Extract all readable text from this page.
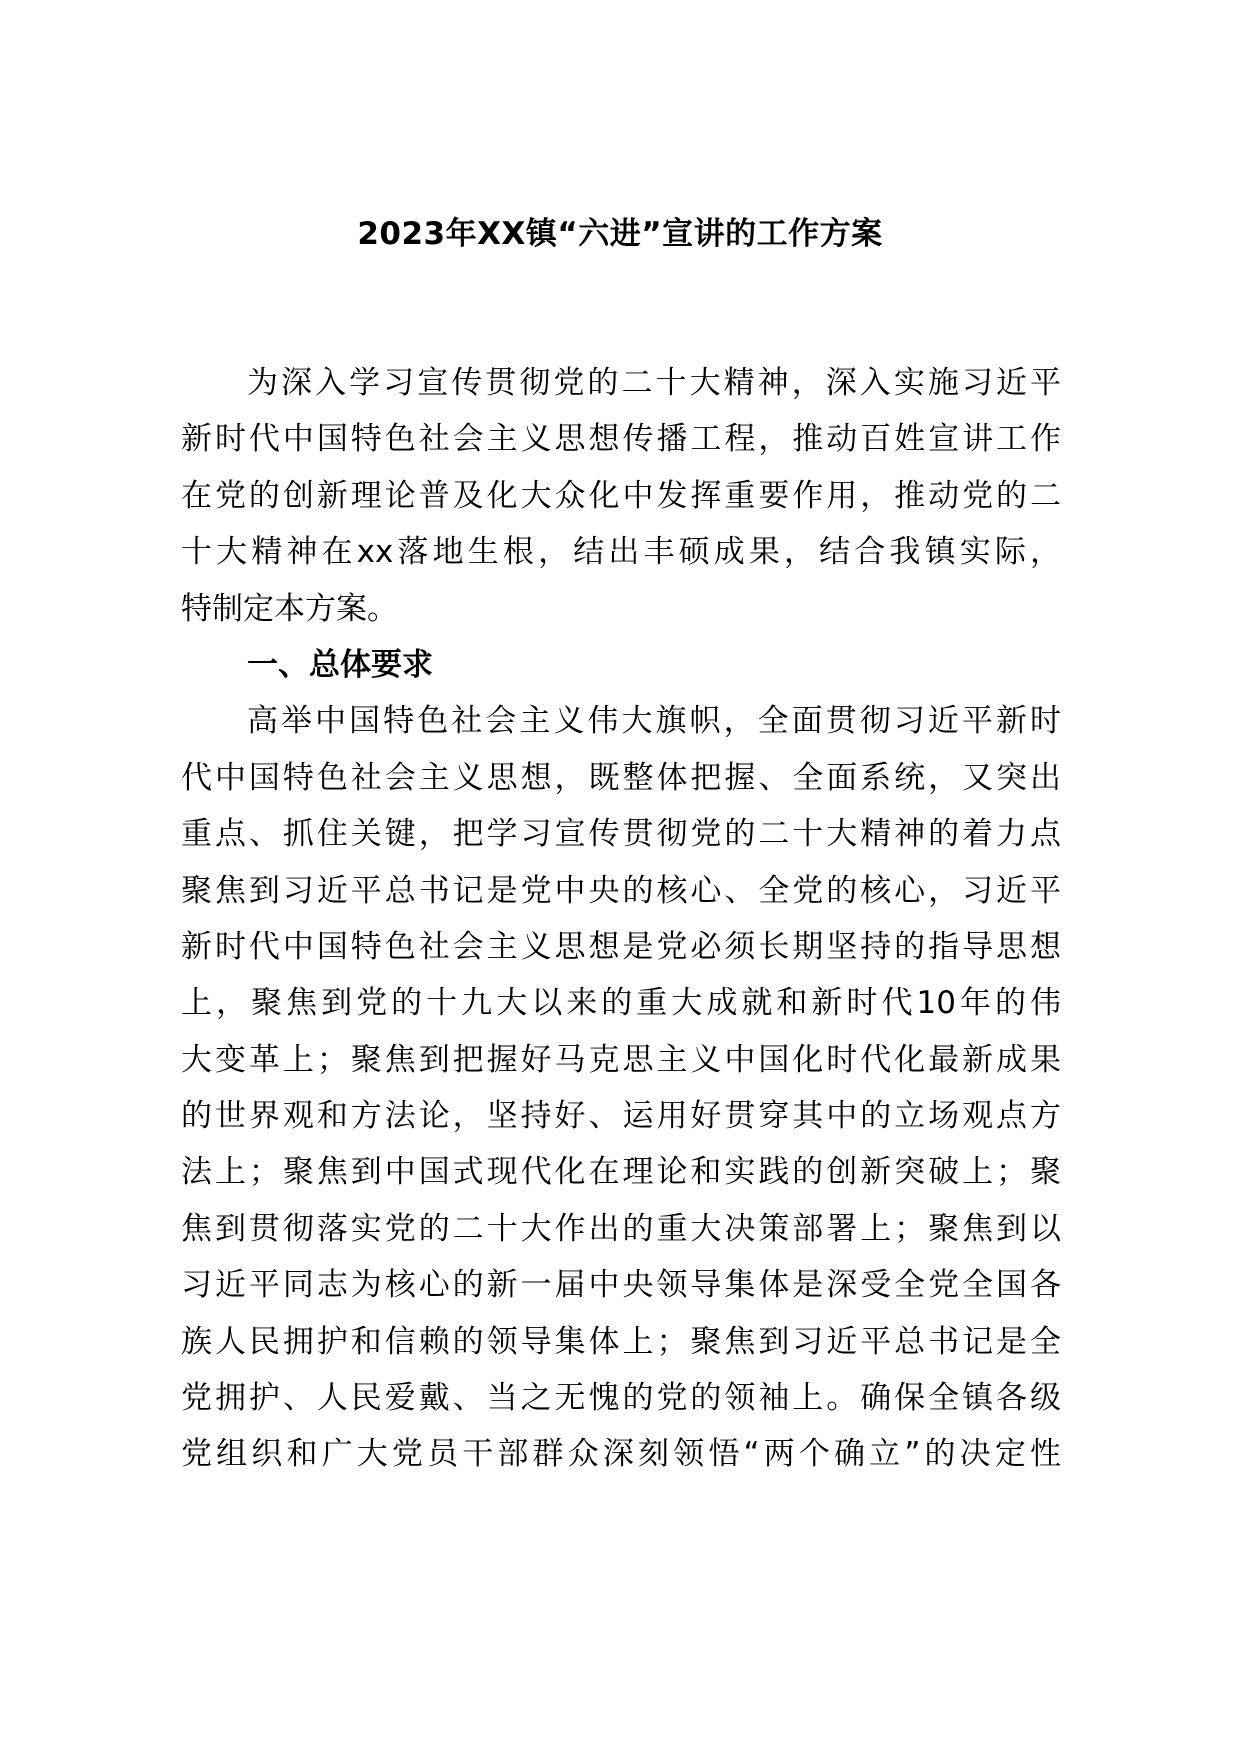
2023年XX镇“六进”宣讲的工作方案
为深入学习宣传贯彻党的二十大精神，深入实施习近平
新时代中国特色社会主义思想传播工程，推动百姓宣讲工作
在党的创新理论普及化大众化中发挥重要作用，推动党的二
十大精神在xx落地生根，结出丰硕成果，结合我镇实际，
特制定本方案。
一、总体要求
高举中国特色社会主义伟大旗帜，全面贯彻习近平新时
代中国特色社会主义思想，既整体把握、全面系统，又突出
重点、抓住关键，把学习宣传贯彻党的二十大精神的着力点
聚焦到习近平总书记是党中央的核心、全党的核心，习近平
新时代中国特色社会主义思想是党必须长期坚持的指导思想
上，聚焦到党的十九大以来的重大成就和新时代10年的伟
大变革上；聚焦到把握好马克思主义中国化时代化最新成果
的世界观和方法论，坚持好、运用好贯穿其中的立场观点方
法上；聚焦到中国式现代化在理论和实践的创新突破上；聚
焦到贯彻落实党的二十大作出的重大决策部署上；聚焦到以
习近平同志为核心的新一届中央领导集体是深受全党全国各
族人民拥护和信赖的领导集体上；聚焦到习近平总书记是全
党拥护、人民爱戴、当之无愧的党的领袖上。确保全镇各级
党组织和广大党员干部群众深刻领悟“两个确立”的决定性
